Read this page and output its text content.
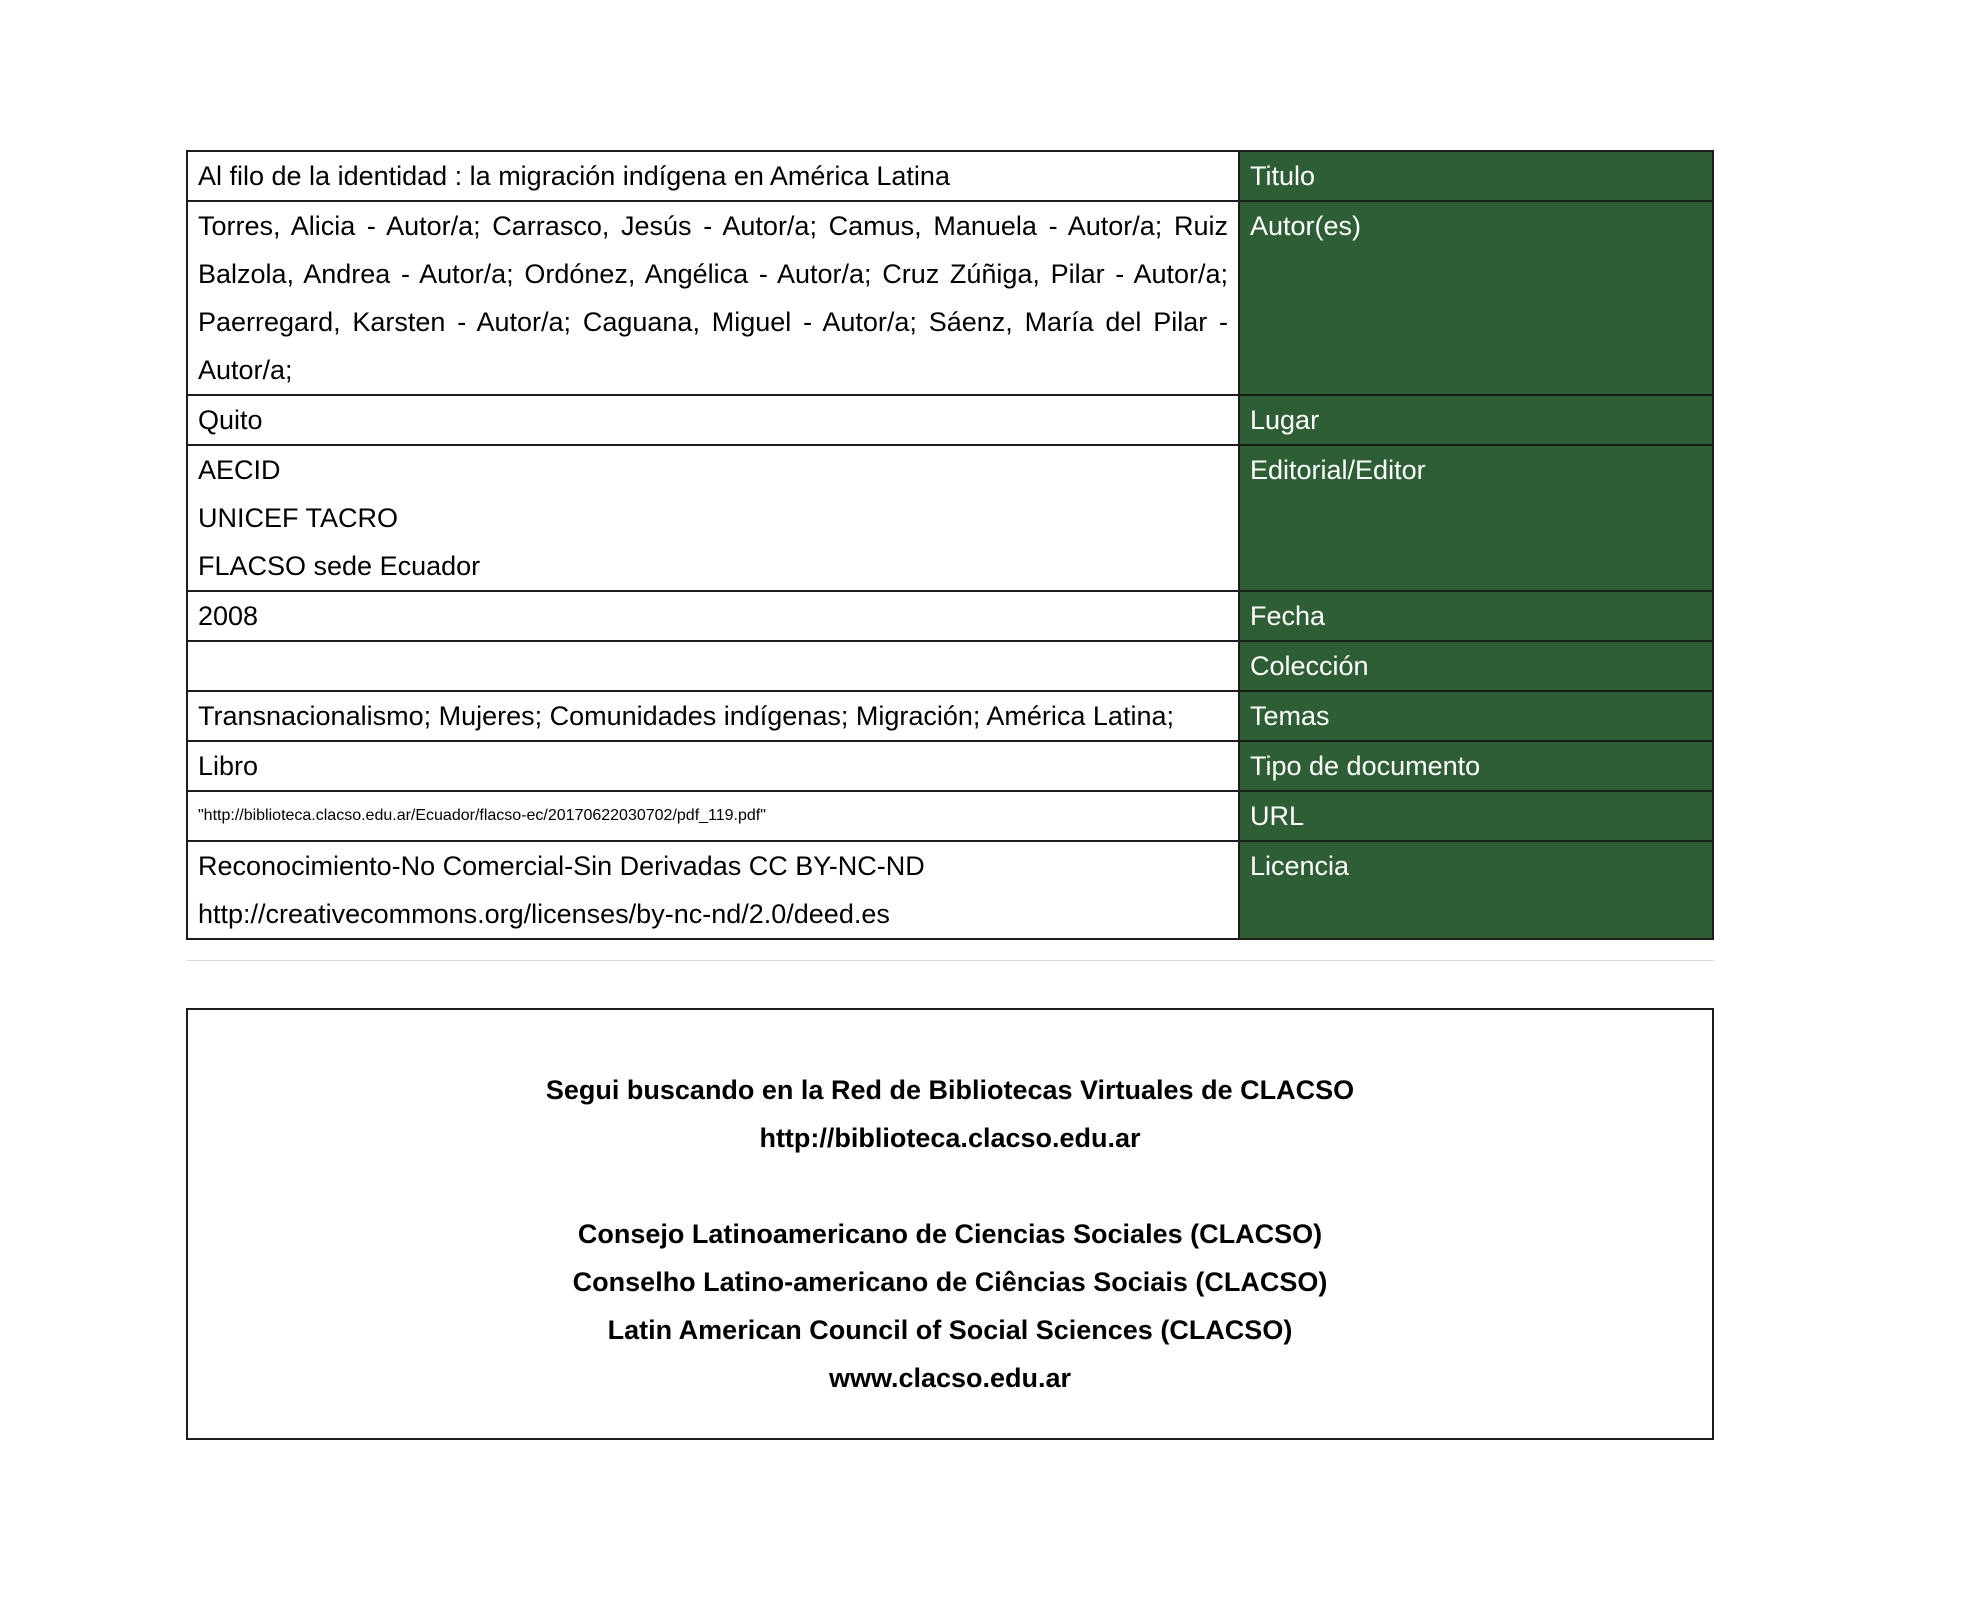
Al filo de la identidad : la migración indígena en América Latina	Titulo
Torres, Alicia - Autor/a; Carrasco, Jesús - Autor/a; Camus, Manuela - Autor/a; Ruiz Balzola, Andrea - Autor/a; Ordónez, Angélica - Autor/a; Cruz Zúñiga, Pilar - Autor/a; Paerregard, Karsten - Autor/a; Caguana, Miguel - Autor/a; Sáenz, María del Pilar - Autor/a;	Autor(es)
Quito	Lugar

AECID
UNICEF TACRO
FLACSO sede Ecuador	Editorial/Editor
2008	Fecha
	Colección
Transnacionalismo; Mujeres; Comunidades indígenas; Migración; América Latina;	Temas
Libro	Tipo de documento
"http://biblioteca.clacso.edu.ar/Ecuador/flacso-ec/20170622030702/pdf_119.pdf"	URL

Reconocimiento-No Comercial-Sin Derivadas CC BY-NC-ND
http://creativecommons.org/licenses/by-nc-nd/2.0/deed.es	Licencia
Segui buscando en la Red de Bibliotecas Virtuales de CLACSO
http://biblioteca.clacso.edu.ar
Consejo Latinoamericano de Ciencias Sociales (CLACSO)
Conselho Latino-americano de Ciências Sociais (CLACSO)
Latin American Council of Social Sciences (CLACSO)
www.clacso.edu.ar
